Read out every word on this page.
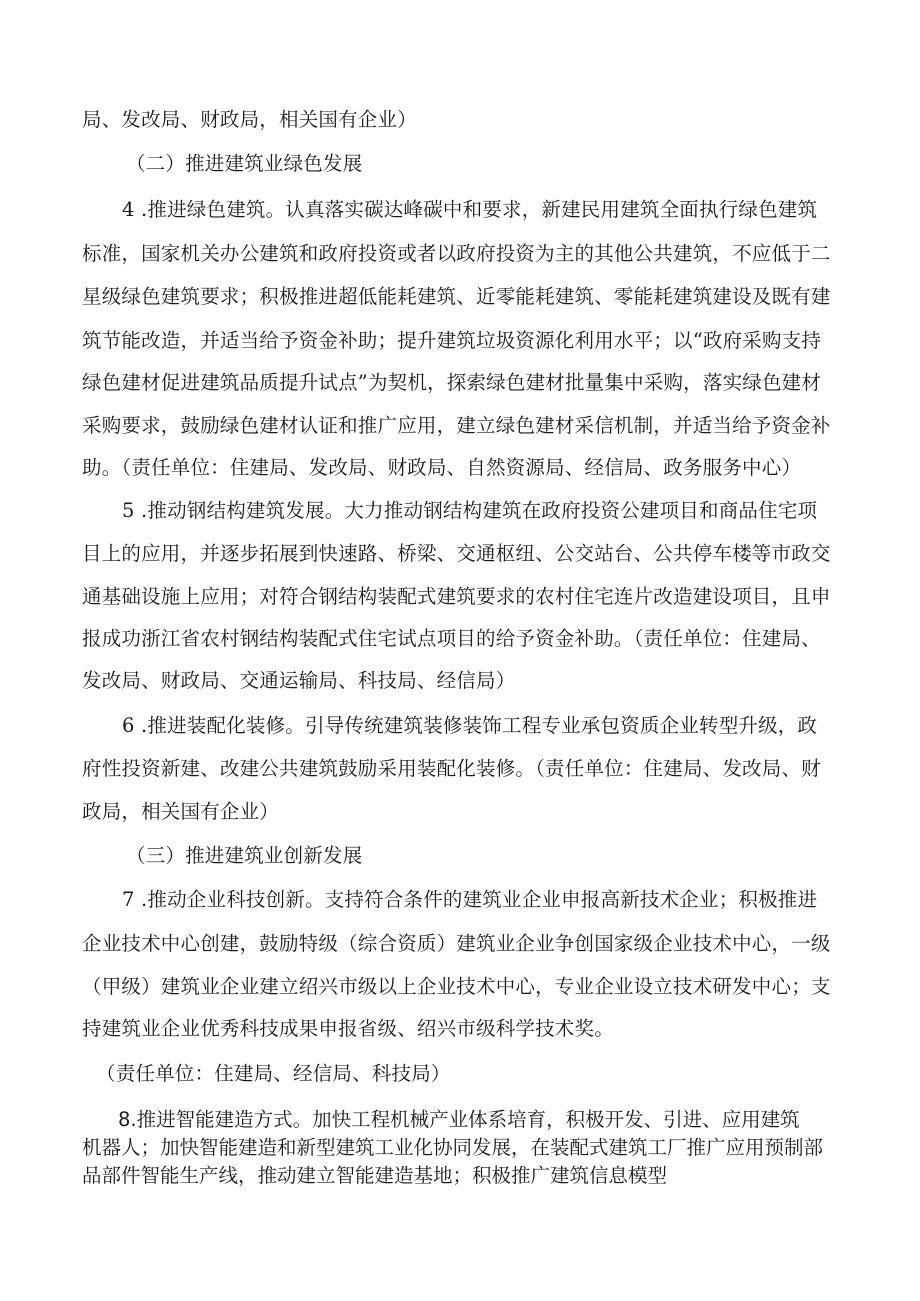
局、发改局、财政局，相关国有企业）
（二）推进建筑业绿色发展
4 .推进绿色建筑。认真落实碳达峰碳中和要求，新建民用建筑全面执行绿色建筑
标准，国家机关办公建筑和政府投资或者以政府投资为主的其他公共建筑，不应低于二
星级绿色建筑要求；积极推进超低能耗建筑、近零能耗建筑、零能耗建筑建设及既有建
筑节能改造，并适当给予资金补助；提升建筑垃圾资源化利用水平；以“政府采购支持
绿色建材促进建筑品质提升试点”为契机，探索绿色建材批量集中采购，落实绿色建材
采购要求，鼓励绿色建材认证和推广应用，建立绿色建材采信机制，并适当给予资金补
助。（责任单位：住建局、发改局、财政局、自然资源局、经信局、政务服务中心）
5 .推动钢结构建筑发展。大力推动钢结构建筑在政府投资公建项目和商品住宅项
目上的应用，并逐步拓展到快速路、桥梁、交通枢纽、公交站台、公共停车楼等市政交
通基础设施上应用；对符合钢结构装配式建筑要求的农村住宅连片改造建设项目，且申
报成功浙江省农村钢结构装配式住宅试点项目的给予资金补助。（责任单位：住建局、
发改局、财政局、交通运输局、科技局、经信局）
6 .推进装配化装修。引导传统建筑装修装饰工程专业承包资质企业转型升级，政
府性投资新建、改建公共建筑鼓励采用装配化装修。（责任单位：住建局、发改局、财
政局，相关国有企业）
（三）推进建筑业创新发展
7 .推动企业科技创新。支持符合条件的建筑业企业申报高新技术企业；积极推进
企业技术中心创建，鼓励特级（综合资质）建筑业企业争创国家级企业技术中心，一级
（甲级）建筑业企业建立绍兴市级以上企业技术中心，专业企业设立技术研发中心；支
持建筑业企业优秀科技成果申报省级、绍兴市级科学技术奖。
（责任单位：住建局、经信局、科技局）
8.推进智能建造方式。加快工程机械产业体系培育，积极开发、引进、应用建筑
机器人；加快智能建造和新型建筑工业化协同发展，在装配式建筑工厂推广应用预制部
品部件智能生产线，推动建立智能建造基地；积极推广建筑信息模型
